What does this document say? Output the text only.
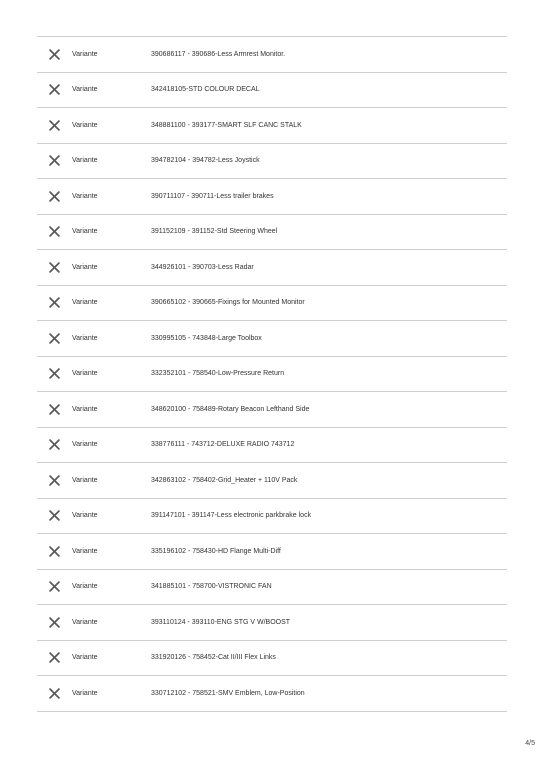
Variante	390686117 - 390686-Less Armrest Monitor.
Variante	342418105-STD COLOUR DECAL
Variante	348881100 - 393177-SMART SLF CANC STALK
Variante	394782104 - 394782-Less Joystick
Variante	390711107 - 390711-Less trailer brakes
Variante	391152109 - 391152-Std Steering Wheel
Variante	344926101 - 390703-Less Radar
Variante	390665102 - 390665-Fixings for Mounted Monitor
Variante	330995105 - 743848-Large Toolbox
Variante	332352101 - 758540-Low-Pressure Return
Variante	348620100 - 758489-Rotary Beacon Lefthand Side
Variante	338776111 - 743712-DELUXE RADIO 743712
Variante	342863102 - 758402-Grid_Heater + 110V Pack
Variante	391147101 - 391147-Less electronic parkbrake lock
Variante	335196102 - 758430-HD Flange Multi-Diff
Variante	341885101 - 758700-VISTRONIC FAN
Variante	393110124 - 393110-ENG STG V W/BOOST
Variante	331920126 - 758452-Cat II/III Flex Links
Variante	330712102 - 758521-SMV Emblem, Low-Position
4/5
